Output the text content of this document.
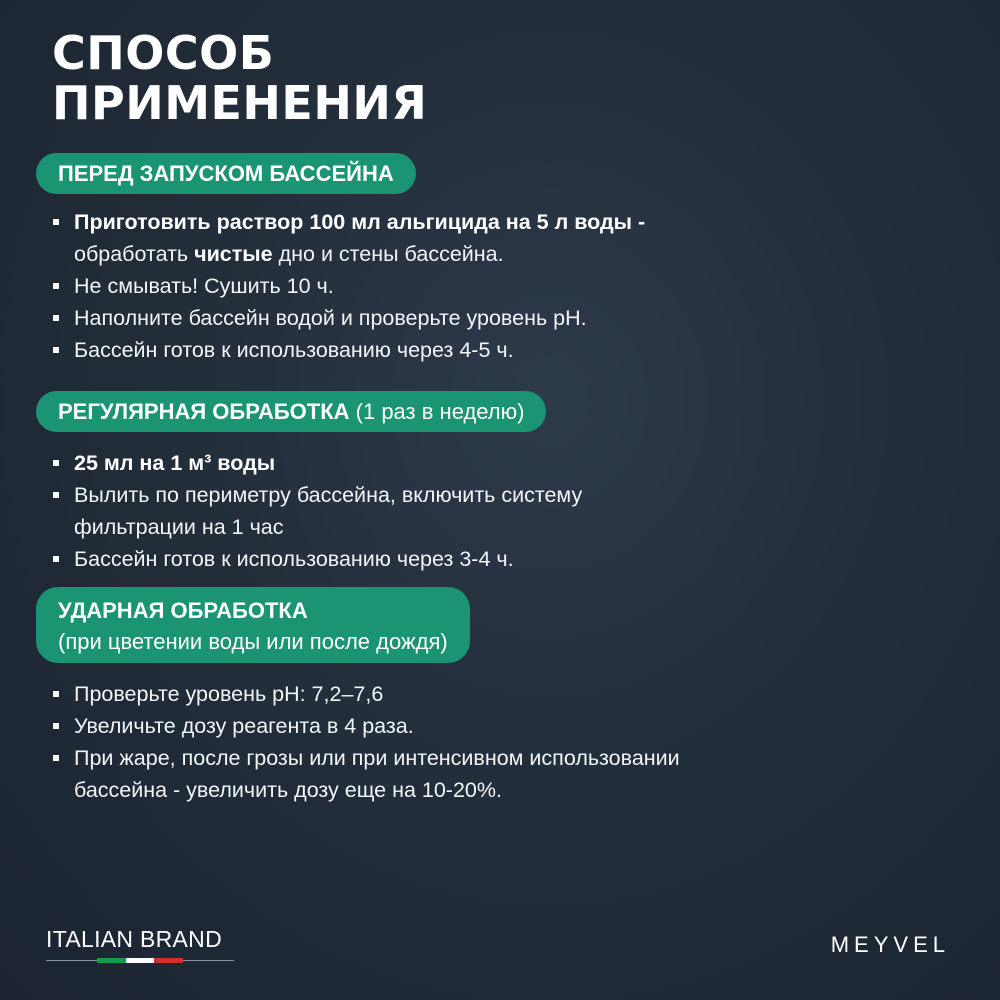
СПОСОБ
ПРИМЕНЕНИЯ
ПЕРЕД ЗАПУСКОМ БАССЕЙНА
Приготовить раствор 100 мл альгицида на 5 л воды -
обработать чистые дно и стены бассейна.
Не смывать! Сушить 10 ч.
Наполните бассейн водой и проверьте уровень pH.
Бассейн готов к использованию через 4-5 ч.
РЕГУЛЯРНАЯ ОБРАБОТКА (1 раз в неделю)
25 мл на 1 м³ воды
Вылить по периметру бассейна, включить систему фильтрации на 1 час
Бассейн готов к использованию через 3-4 ч.
УДАРНАЯ ОБРАБОТКА
(при цветении воды или после дождя)
Проверьте уровень pH: 7,2–7,6
Увеличьте дозу реагента в 4 раза.
При жаре, после грозы или при интенсивном использовании бассейна - увеличить дозу еще на 10-20%.
ITALIAN BRAND	MEYVEL
